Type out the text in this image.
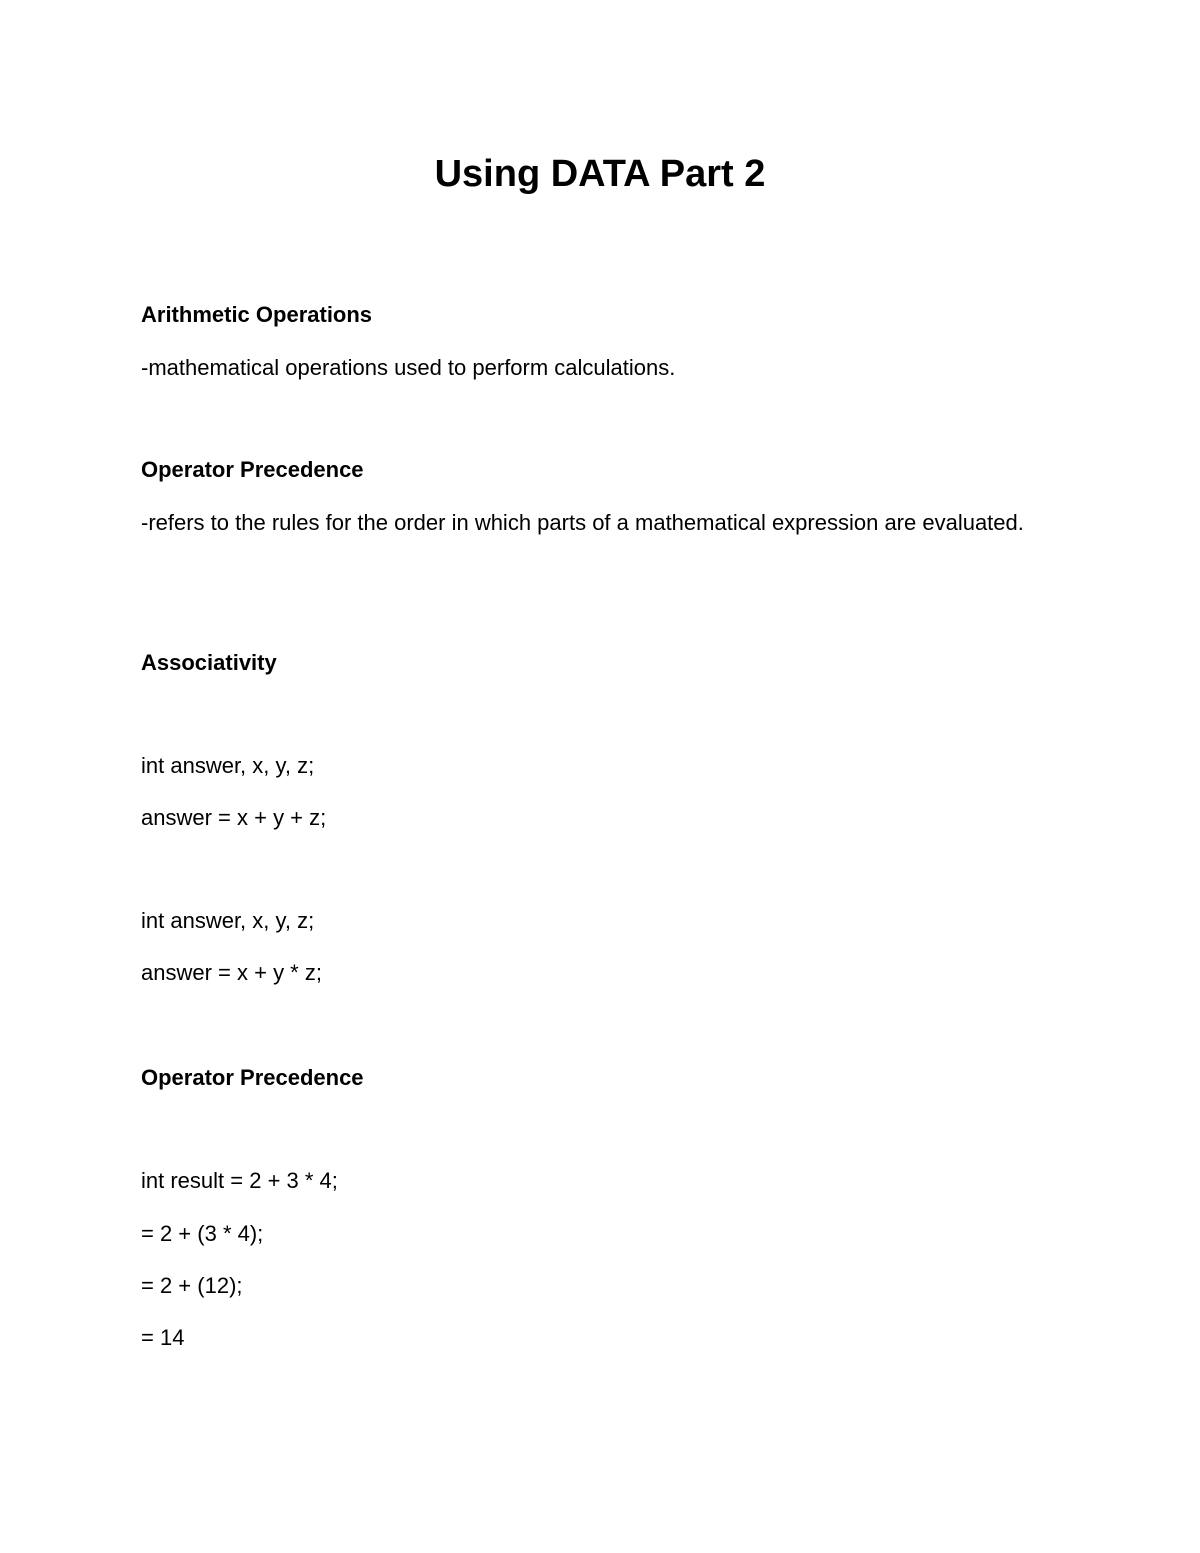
Using DATA Part 2

Arithmetic Operations

-mathematical operations used to perform calculations.

Operator Precedence

-refers to the rules for the order in which parts of a mathematical expression are evaluated.

Associativity

int answer, x, y, z;

answer = x + y + z;

int answer, x, y, z;

answer = x + y * z;

Operator Precedence

int result = 2 + 3 * 4;

= 2 + (3 * 4);

= 2 + (12);

= 14
